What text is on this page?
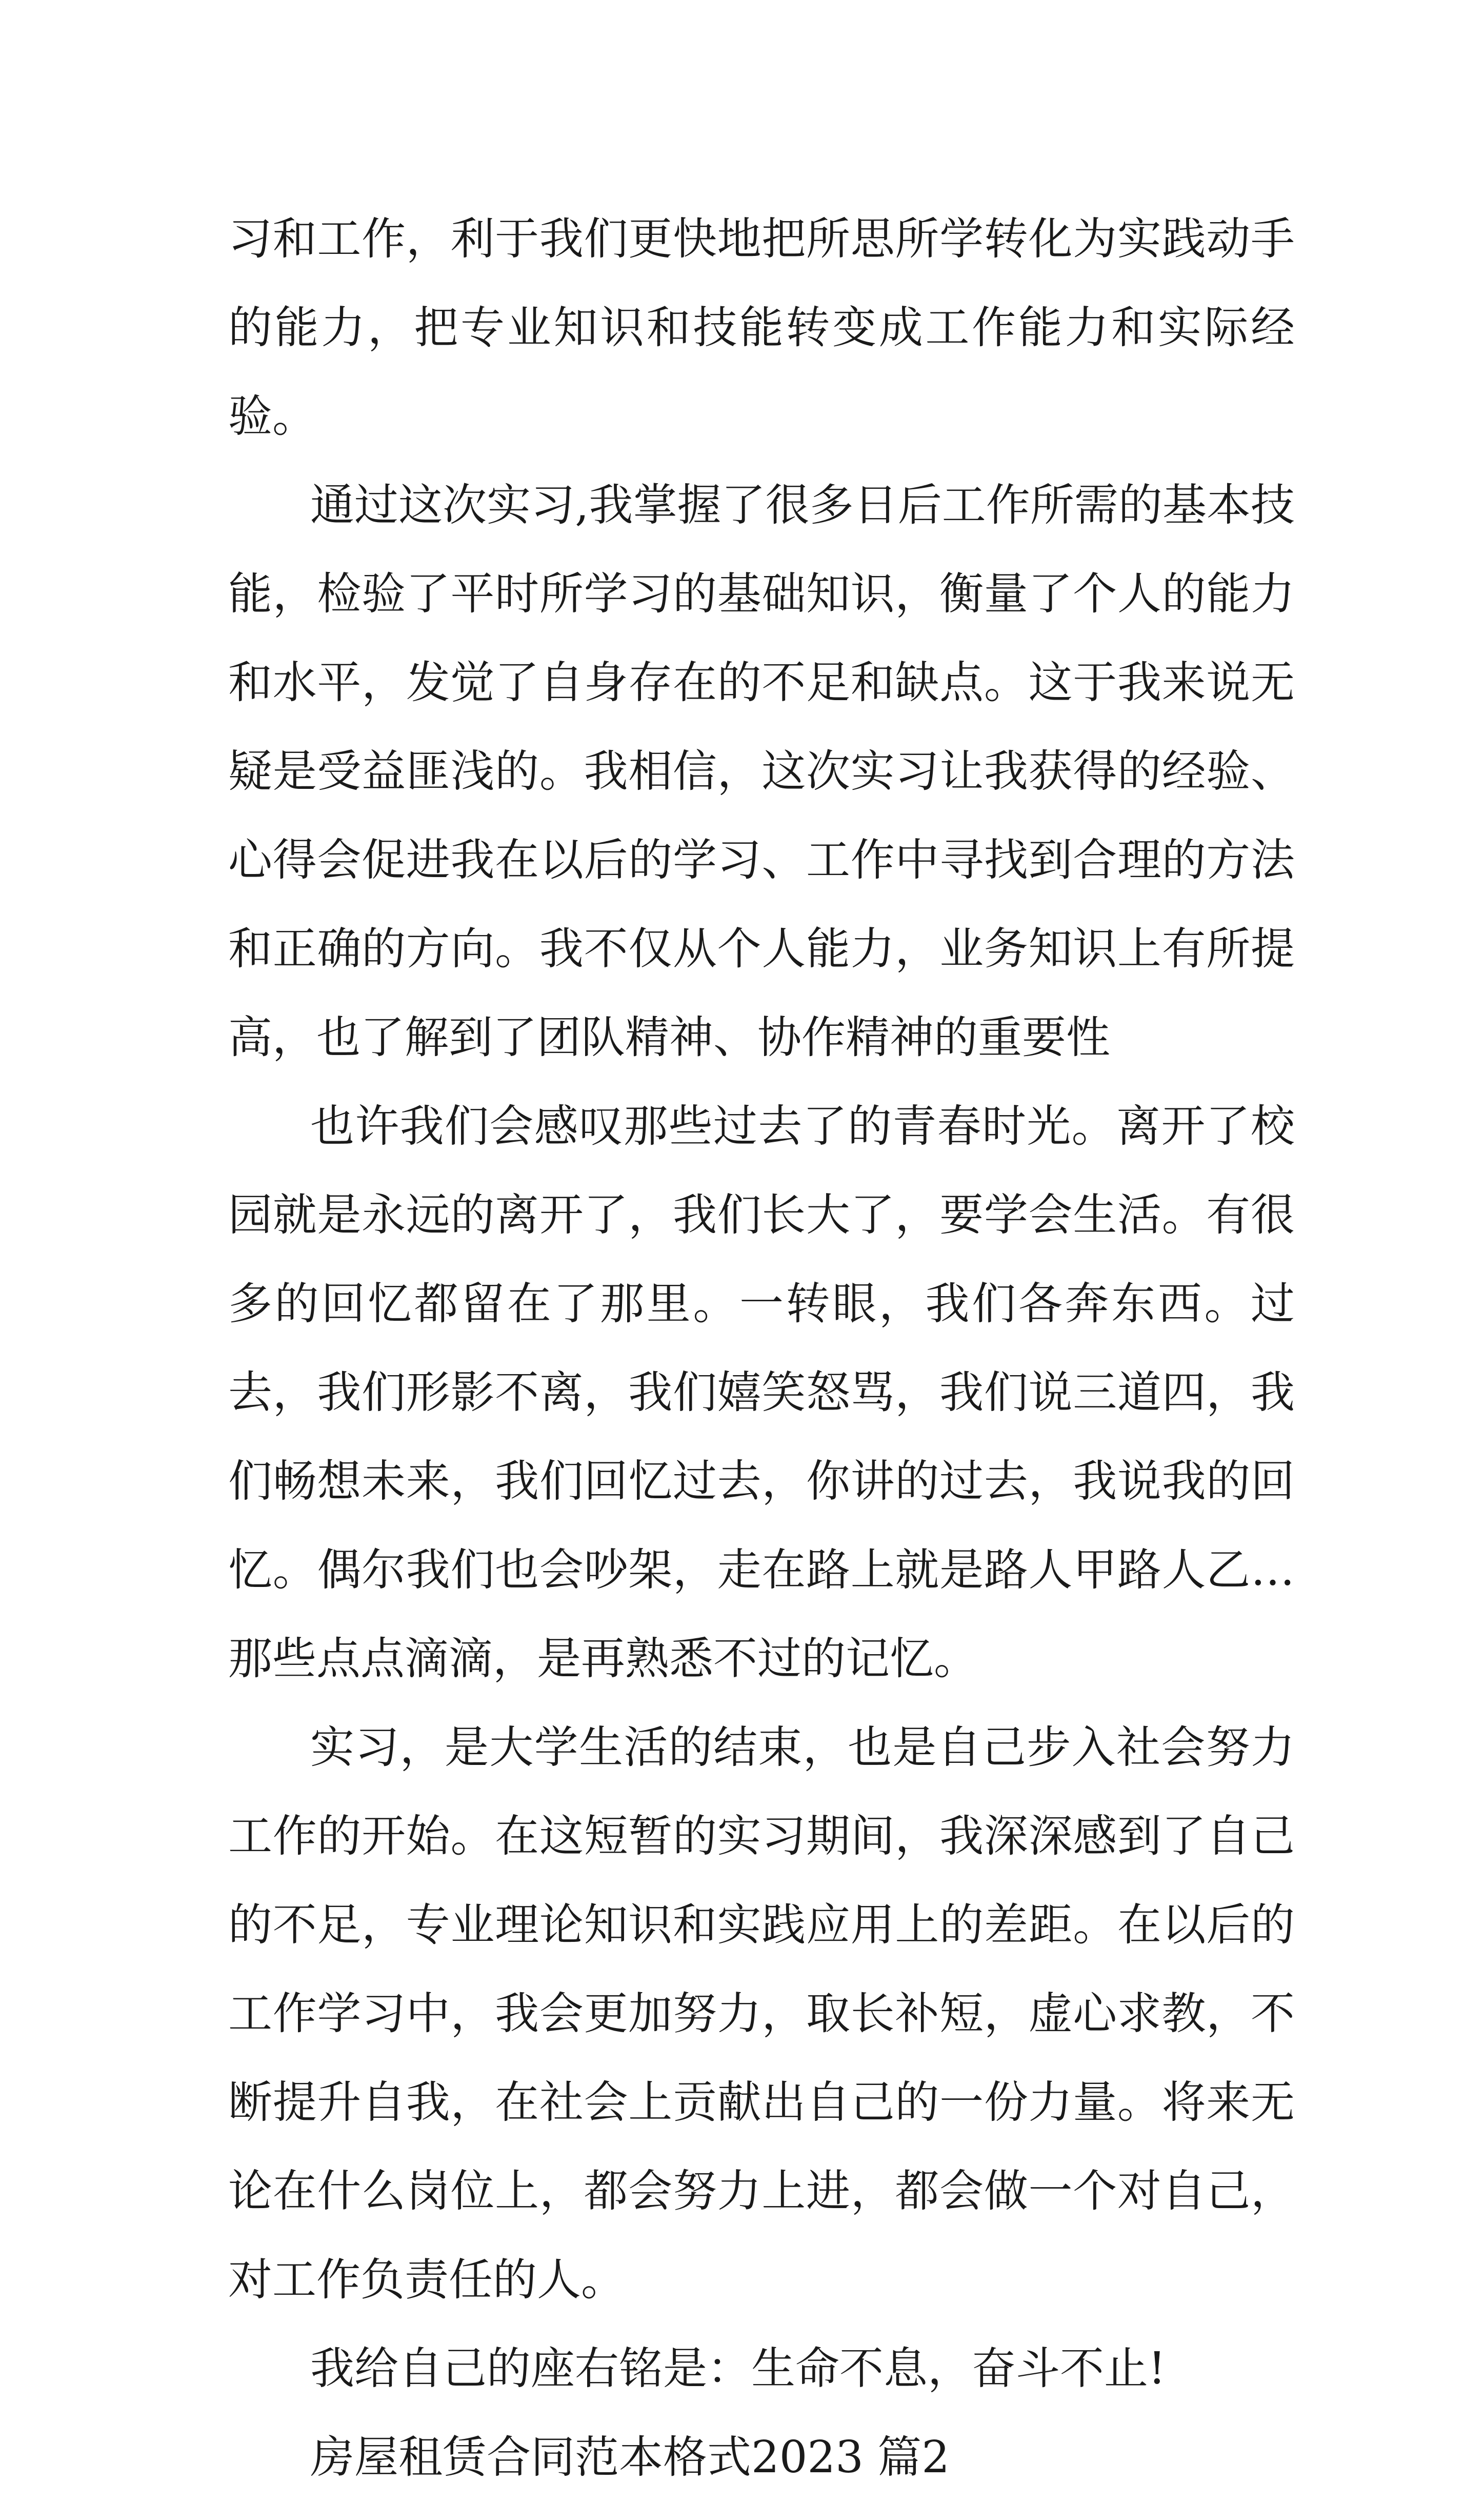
习和工作，利于我们更快地把所思所学转化为实践动手的能力，把专业知识和技能转变成工作能力和实际经验。

通过这次实习,我掌握了很多日后工作所需的基本技能，检验了平时所学习的基础知识，衡量了个人的能力和水平，发觉了自身存在的不足和缺点。这于我来说无疑是受益匪浅的。我相信，这次实习让我获得的经验、心得会促进我在以后的学习、工作中寻找到合理的方法和正确的方向。我不仅从个人能力，业务知识上有所提高，也了解到了团队精神、协作精神的重要性

也许我们会感叹那些过去了的青春时光。离开了校园就是永远的离开了，我们长大了，要学会生活。有很多的回忆都留在了那里。一转眼，我们各奔东西。过去，我们形影不离，我们嬉笑怒骂，我们说三道四，我们畅想未来，我们回忆过去，你讲的过去，我说我的回忆。偶尔我们也会吵架，走在路上就是路人甲路人乙…那些点点滴滴，是再熟悉不过的记忆。

实习，是大学生活的结束，也是自己步入社会努力工作的开始。在这短暂的实习期间，我深深感到了自己的不足，专业理论知识和实践应用上的差距。在以后的工作学习中，我会更加努力，取长补短，虚心求教，不断提升自我，在社会上贡献出自己的一份力量。将来无论在什么岗位上，都会努力上进，都会做一个对自己，对工作负责任的人。

我给自己的座右铭是：生命不息，奋斗不止!

房屋租赁合同范本格式2023 篇2
